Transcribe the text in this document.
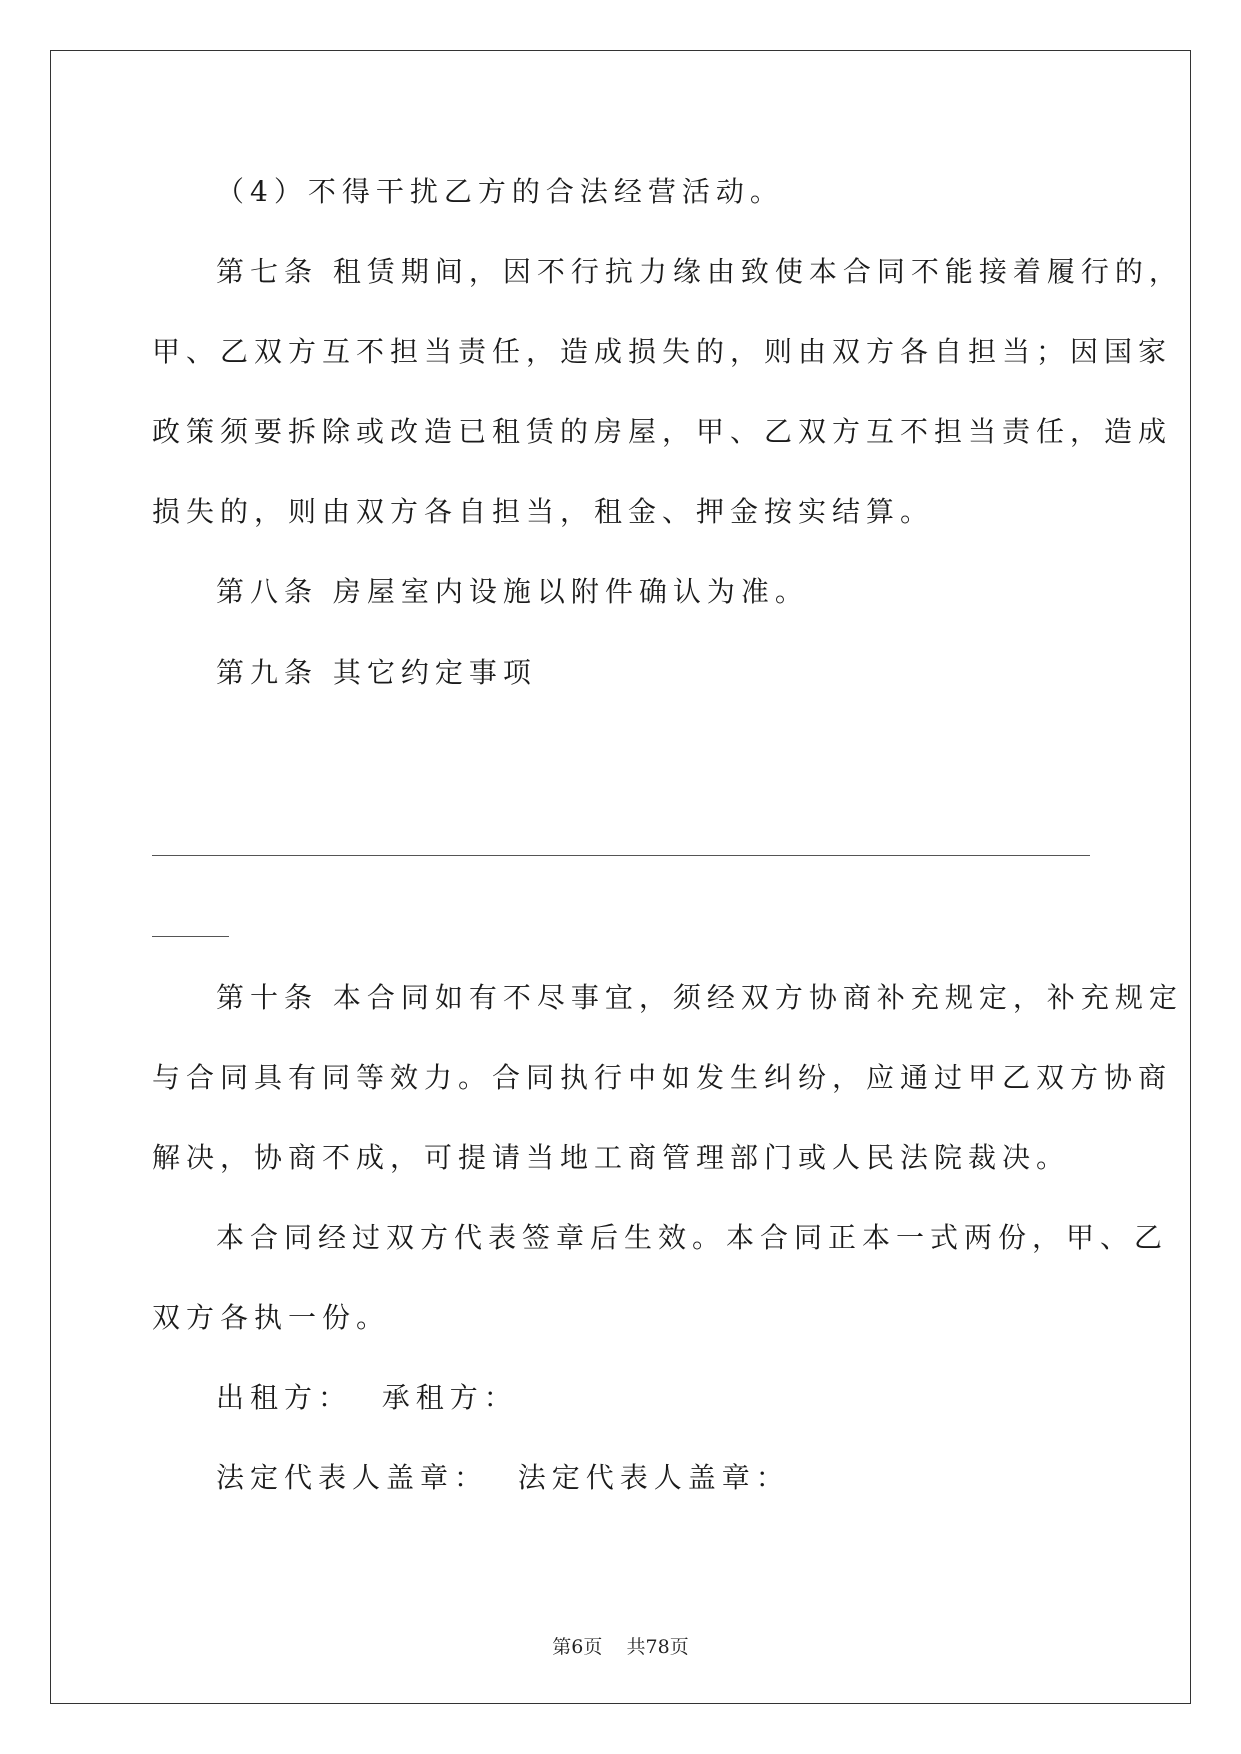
（4）不得干扰乙方的合法经营活动。
第七条 租赁期间，因不行抗力缘由致使本合同不能接着履行的，
甲、乙双方互不担当责任，造成损失的，则由双方各自担当；因国家
政策须要拆除或改造已租赁的房屋，甲、乙双方互不担当责任，造成
损失的，则由双方各自担当，租金、押金按实结算。
第八条 房屋室内设施以附件确认为准。
第九条 其它约定事项
第十条 本合同如有不尽事宜，须经双方协商补充规定，补充规定
与合同具有同等效力。合同执行中如发生纠纷，应通过甲乙双方协商
解决，协商不成，可提请当地工商管理部门或人民法院裁决。
本合同经过双方代表签章后生效。本合同正本一式两份，甲、乙
双方各执一份。
出租方：  承租方：
法定代表人盖章：  法定代表人盖章：
第6页    共78页
